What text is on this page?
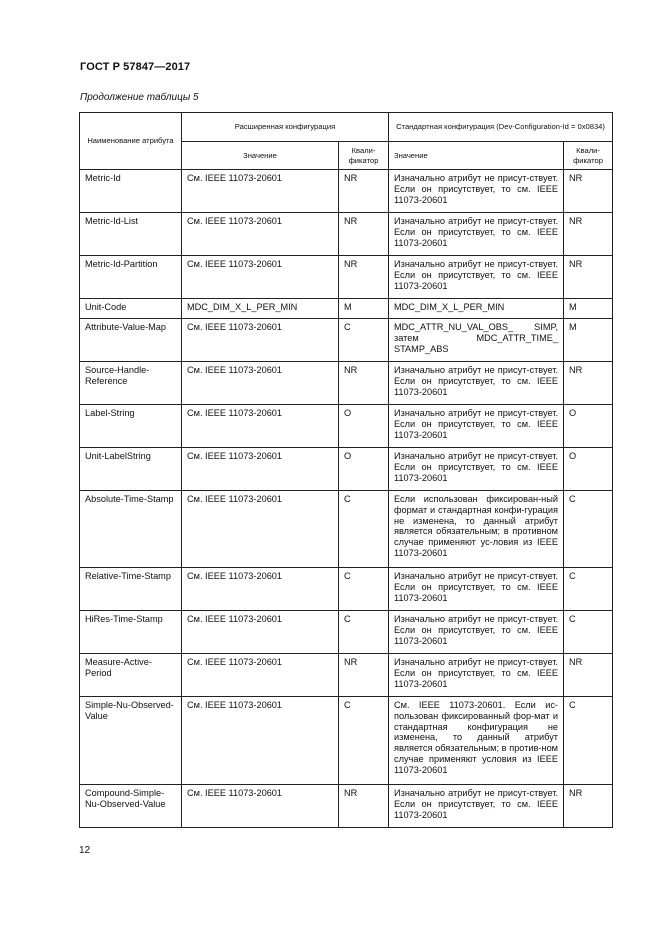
ГОСТ Р 57847—2017
Продолжение таблицы 5
Наименование атрибута	Расширенная конфигурация		Стандартная конфигурация (Dev-Configuration-Id = 0x0834)	
	Значение	Квали-фикатор	Значение	Квали-фикатор
Metric-Id	См. IEEE 11073-20601	NR	Изначально атрибут не присут-ствует. Если он присутствует, то см. IEEE 11073-20601	NR
Metric-Id-List	См. IEEE 11073-20601	NR	Изначально атрибут не присут-ствует. Если он присутствует, то см. IEEE 11073-20601	NR
Metric-Id-Partition	См. IEEE 11073-20601	NR	Изначально атрибут не присут-ствует. Если он присутствует, то см. IEEE 11073-20601	NR
Unit-Code	MDC_DIM_X_L_PER_MIN	M	MDC_DIM_X_L_PER_MIN	M
Attribute-Value-Map	См. IEEE 11073-20601	C	MDC_ATTR_NU_VAL_OBS_ SIMP, затем MDC_ATTR_TIME_ STAMP_ABS	M
Source-Handle-Reference	См. IEEE 11073-20601	NR	Изначально атрибут не присут-ствует. Если он присутствует, то см. IEEE 11073-20601	NR
Label-String	См. IEEE 11073-20601	O	Изначально атрибут не присут-ствует. Если он присутствует, то см. IEEE 11073-20601	O
Unit-LabelString	См. IEEE 11073-20601	O	Изначально атрибут не присут-ствует. Если он присутствует, то см. IEEE 11073-20601	O
Absolute-Time-Stamp	См. IEEE 11073-20601	C	Если использован фиксирован-ный формат и стандартная конфи-гурация не изменена, то данный атрибут является обязательным; в противном случае применяют ус-ловия из IEEE 11073-20601	C
Relative-Time-Stamp	См. IEEE 11073-20601	C	Изначально атрибут не присут-ствует. Если он присутствует, то см. IEEE 11073-20601	C
HiRes-Time-Stamp	См. IEEE 11073-20601	C	Изначально атрибут не присут-ствует. Если он присутствует, то см. IEEE 11073-20601	C
Measure-Active-Period	См. IEEE 11073-20601	NR	Изначально атрибут не присут-ствует. Если он присутствует, то см. IEEE 11073-20601	NR
Simple-Nu-Observed-Value	См. IEEE 11073-20601	C	См. IEEE 11073-20601. Если ис-пользован фиксированный фор-мат и стандартная конфигурация не изменена, то данный атрибут является обязательным; в против-ном случае применяют условия из IEEE 11073-20601	C
Compound-Simple-Nu-Observed-Value	См. IEEE 11073-20601	NR	Изначально атрибут не присут-ствует. Если он присутствует, то см. IEEE 11073-20601	NR
12
